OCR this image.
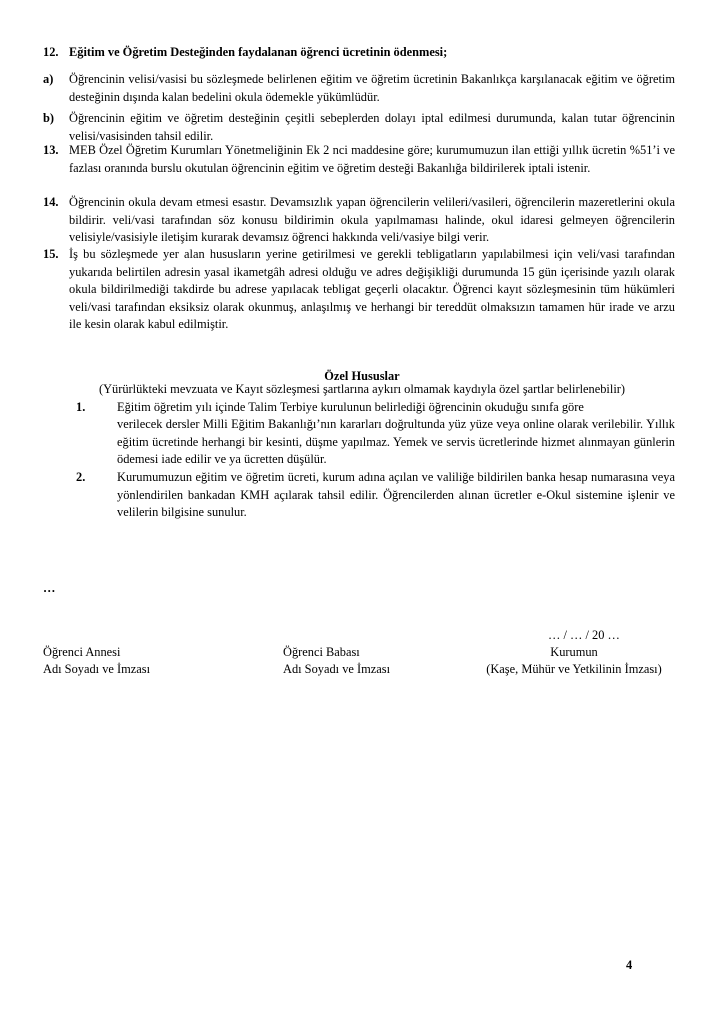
12. Eğitim ve Öğretim Desteğinden faydalanan öğrenci ücretinin ödenmesi;
a) Öğrencinin velisi/vasisi bu sözleşmede belirlenen eğitim ve öğretim ücretinin Bakanlıkça karşılanacak eğitim ve öğretim desteğinin dışında kalan bedelini okula ödemekle yükümlüdür.
b) Öğrencinin eğitim ve öğretim desteğinin çeşitli sebeplerden dolayı iptal edilmesi durumunda, kalan tutar öğrencinin velisi/vasisinden tahsil edilir.
13. MEB Özel Öğretim Kurumları Yönetmeliğinin Ek 2 nci maddesine göre; kurumumuzun ilan ettiği yıllık ücretin %51’i ve fazlası oranında burslu okutulan öğrencinin eğitim ve öğretim desteği Bakanlığa bildirilerek iptali istenir.
14. Öğrencinin okula devam etmesi esastır. Devamsızlık yapan öğrencilerin velileri/vasileri, öğrencilerin mazeretlerini okula bildirir. veli/vasi tarafından söz konusu bildirimin okula yapılmaması halinde, okul idaresi gelmeyen öğrencilerin velisiyle/vasisiyle iletişim kurarak devamsız öğrenci hakkında veli/vasiye bilgi verir.
15. İş bu sözleşmede yer alan hususların yerine getirilmesi ve gerekli tebligatların yapılabilmesi için veli/vasi tarafından yukarıda belirtilen adresin yasal ikametgâh adresi olduğu ve adres değişikliği durumunda 15 gün içerisinde yazılı olarak okula bildirilmediği takdirde bu adrese yapılacak tebligat geçerli olacaktır. Öğrenci kayıt sözleşmesinin tüm hükümleri veli/vasi tarafından eksiksiz olarak okunmuş, anlaşılmış ve herhangi bir tereddüt olmaksızın tamamen hür irade ve arzu ile kesin olarak kabul edilmiştir.
Özel Hususlar
(Yürürlükteki mevzuata ve Kayıt sözleşmesi şartlarına aykırı olmamak kaydıyla özel şartlar belirlenebilir)
1.	Eğitim öğretim yılı içinde Talim Terbiye kurulunun belirlediği öğrencinin okuduğu sınıfa göre
verilecek dersler Milli Eğitim Bakanlığı’nın kararları doğrultunda yüz yüze veya online olarak verilebilir. Yıllık eğitim ücretinde herhangi bir kesinti, düşme yapılmaz. Yemek ve servis ücretlerinde hizmet alınmayan günlerin ödemesi iade edilir ve ya ücretten düşülür.
2.	Kurumumuzun eğitim ve öğretim ücreti, kurum adına açılan ve valiliğe bildirilen banka hesap numarasına veya yönlendirilen bankadan KMH açılarak tahsil edilir. Öğrencilerden alınan ücretler e-Okul sistemine işlenir ve velilerin bilgisine sunulur.
…
… / … / 20 …
Öğrenci Annesi
Adı Soyadı ve İmzası
Öğrenci Babası
Adı Soyadı ve İmzası
Kurumun
(Kaşe, Mühür ve Yetkilinin İmzası)
4
